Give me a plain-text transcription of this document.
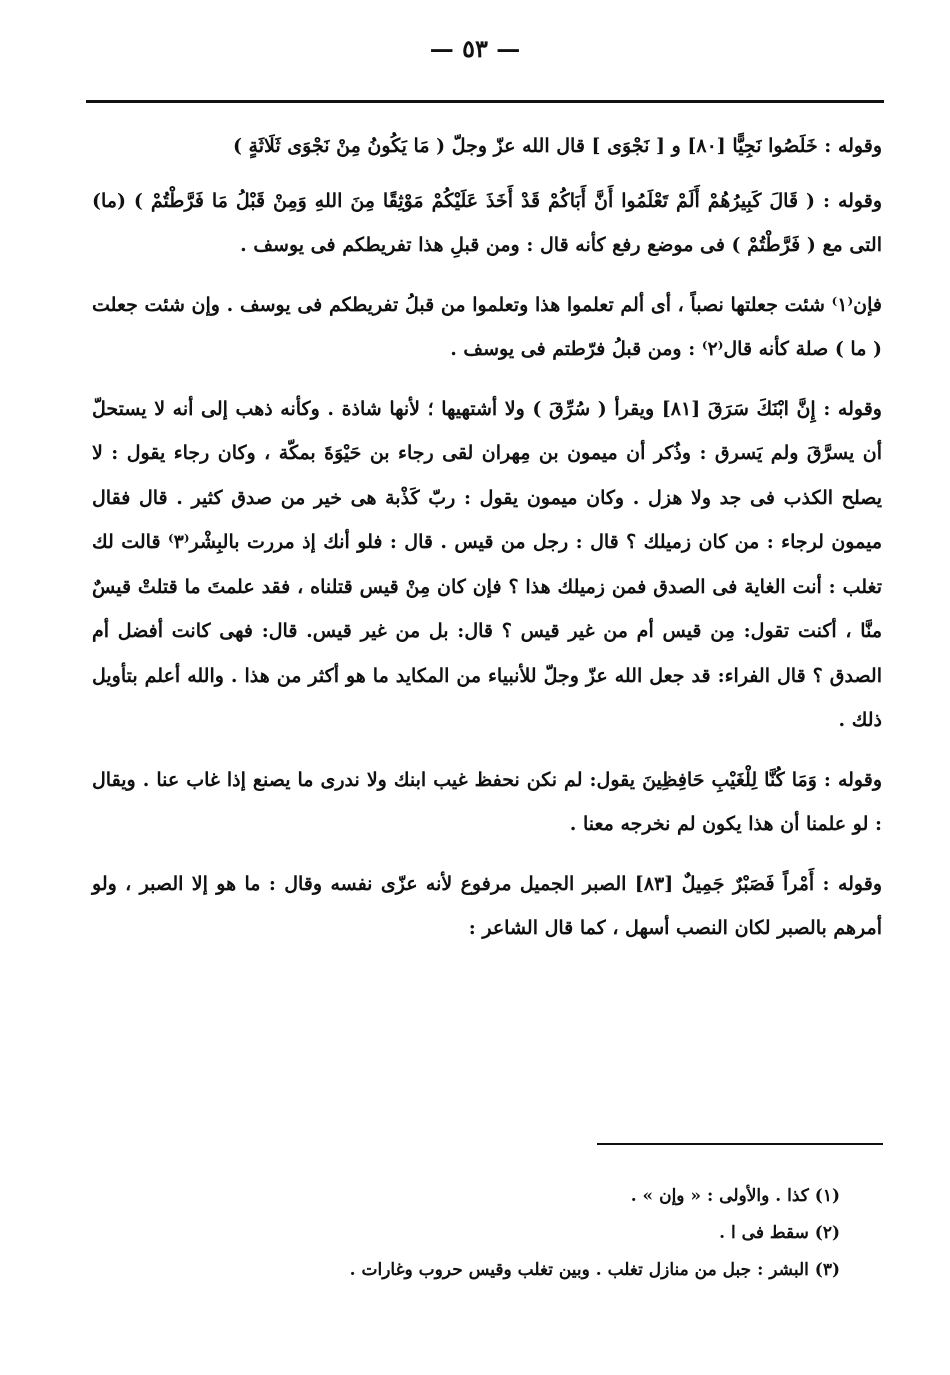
— ٥٣ —

وقوله : خَلَصُوا نَجِيًّا [٨٠] و [ نَجْوَى ] قال الله عزّ وجلّ ( مَا يَكُونُ مِنْ نَجْوَى ثَلَاثَةٍ )

وقوله : ( قَالَ كَبِيرُهُمْ أَلَمْ تَعْلَمُوا أَنَّ أَبَاكُمْ قَدْ أَخَذَ عَلَيْكُمْ مَوْثِقًا مِنَ اللهِ وَمِنْ قَبْلُ مَا فَرَّطْتُمْ ) (ما) التى مع ( فَرَّطْتُمْ ) فى موضع رفع كأنه قال : ومن قبلِ هذا تفريطكم فى يوسف .

فإن⁽١⁾ شئت جعلتها نصباً ، أى ألم تعلموا هذا وتعلموا من قبلُ تفريطكم فى يوسف . وإن شئت جعلت ( ما ) صلة كأنه قال⁽٢⁾ : ومن قبلُ فرّطتم فى يوسف .

وقوله : إِنَّ ابْنَكَ سَرَقَ [٨١] ويقرأ ( سُرِّقَ ) ولا أشتهيها ؛ لأنها شاذة . وكأنه ذهب إلى أنه لا يستحلّ أن يسرَّقَ ولم يَسرق : وذُكر أن ميمون بن مِهران لقى رجاء بن حَيْوَةَ بمكّة ، وكان رجاء يقول : لا يصلح الكذب فى جد ولا هزل . وكان ميمون يقول : ربّ كَذْبة هى خير من صدق كثير . قال فقال ميمون لرجاء : من كان زميلك ؟ قال : رجل من قيس . قال : فلو أنك إذ مررت بالبِشْر⁽٣⁾ قالت لك تغلب : أنت الغاية فى الصدق فمن زميلك هذا ؟ فإن كان مِنْ قيس قتلناه ، فقد علمتَ ما قتلتْ قيسٌ منَّا ، أكنت تقول: مِن قيس أم من غير قيس ؟ قال: بل من غير قيس. قال: فهى كانت أفضل أم الصدق ؟ قال الفراء: قد جعل الله عزّ وجلّ للأنبياء من المكايد ما هو أكثر من هذا . والله أعلم بتأويل ذلك .

وقوله : وَمَا كُنَّا لِلْغَيْبِ حَافِظِينَ يقول: لم نكن نحفظ غيب ابنك ولا ندرى ما يصنع إذا غاب عنا . ويقال : لو علمنا أن هذا يكون لم نخرجه معنا .

وقوله : أَمْراً فَصَبْرٌ جَمِيلٌ [٨٣] الصبر الجميل مرفوع لأنه عزّى نفسه وقال : ما هو إلا الصبر ، ولو أمرهم بالصبر لكان النصب أسهل ، كما قال الشاعر :

(١) كذا . والأولى : « وإن » .
(٢) سقط فى ا .
(٣) البشر : جبل من منازل تغلب . وبين تغلب وقيس حروب وغارات .
